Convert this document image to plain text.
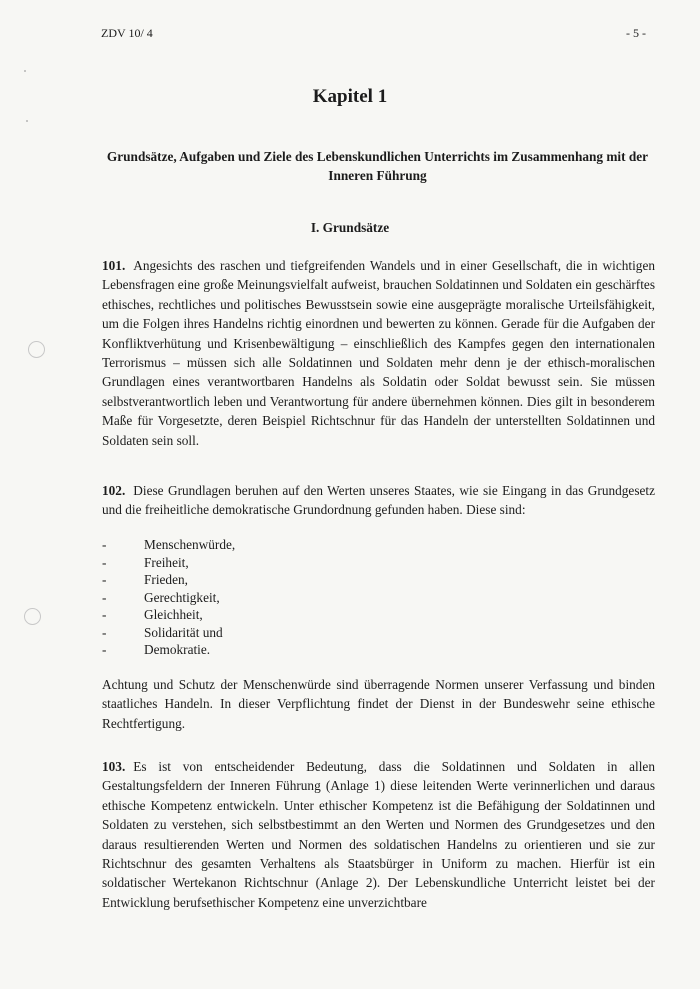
ZDV 10/ 4	- 5 -
Kapitel 1
Grundsätze, Aufgaben und Ziele des Lebenskundlichen Unterrichts im Zusammenhang mit der Inneren Führung
I. Grundsätze

101. Angesichts des raschen und tiefgreifenden Wandels und in einer Gesellschaft, die in wichtigen Lebensfragen eine große Meinungsvielfalt aufweist, brauchen Soldatinnen und Soldaten ein geschärftes ethisches, rechtliches und politisches Bewusstsein sowie eine ausgeprägte moralische Urteilsfähigkeit, um die Folgen ihres Handelns richtig einordnen und bewerten zu können. Gerade für die Aufgaben der Konfliktverhütung und Krisenbewältigung – einschließlich des Kampfes gegen den internationalen Terrorismus – müssen sich alle Soldatinnen und Soldaten mehr denn je der ethisch-moralischen Grundlagen eines verantwortbaren Handelns als Soldatin oder Soldat bewusst sein. Sie müssen selbstverantwortlich leben und Verantwortung für andere übernehmen können. Dies gilt in besonderem Maße für Vorgesetzte, deren Beispiel Richtschnur für das Handeln der unterstellten Soldatinnen und Soldaten sein soll.

102. Diese Grundlagen beruhen auf den Werten unseres Staates, wie sie Eingang in das Grundgesetz und die freiheitliche demokratische Grundordnung gefunden haben. Diese sind:

-	Menschenwürde,
-	Freiheit,
-	Frieden,
-	Gerechtigkeit,
-	Gleichheit,
-	Solidarität und
-	Demokratie.

Achtung und Schutz der Menschenwürde sind überragende Normen unserer Verfassung und binden staatliches Handeln. In dieser Verpflichtung findet der Dienst in der Bundeswehr seine ethische Rechtfertigung.

103. Es ist von entscheidender Bedeutung, dass die Soldatinnen und Soldaten in allen Gestaltungsfeldern der Inneren Führung (Anlage 1) diese leitenden Werte verinnerlichen und daraus ethische Kompetenz entwickeln. Unter ethischer Kompetenz ist die Befähigung der Soldatinnen und Soldaten zu verstehen, sich selbstbestimmt an den Werten und Normen des Grundgesetzes und den daraus resultierenden Werten und Normen des soldatischen Handelns zu orientieren und sie zur Richtschnur des gesamten Verhaltens als Staatsbürger in Uniform zu machen. Hierfür ist ein soldatischer Wertekanon Richtschnur (Anlage 2). Der Lebenskundliche Unterricht leistet bei der Entwicklung berufsethischer Kompetenz eine unverzichtbare
